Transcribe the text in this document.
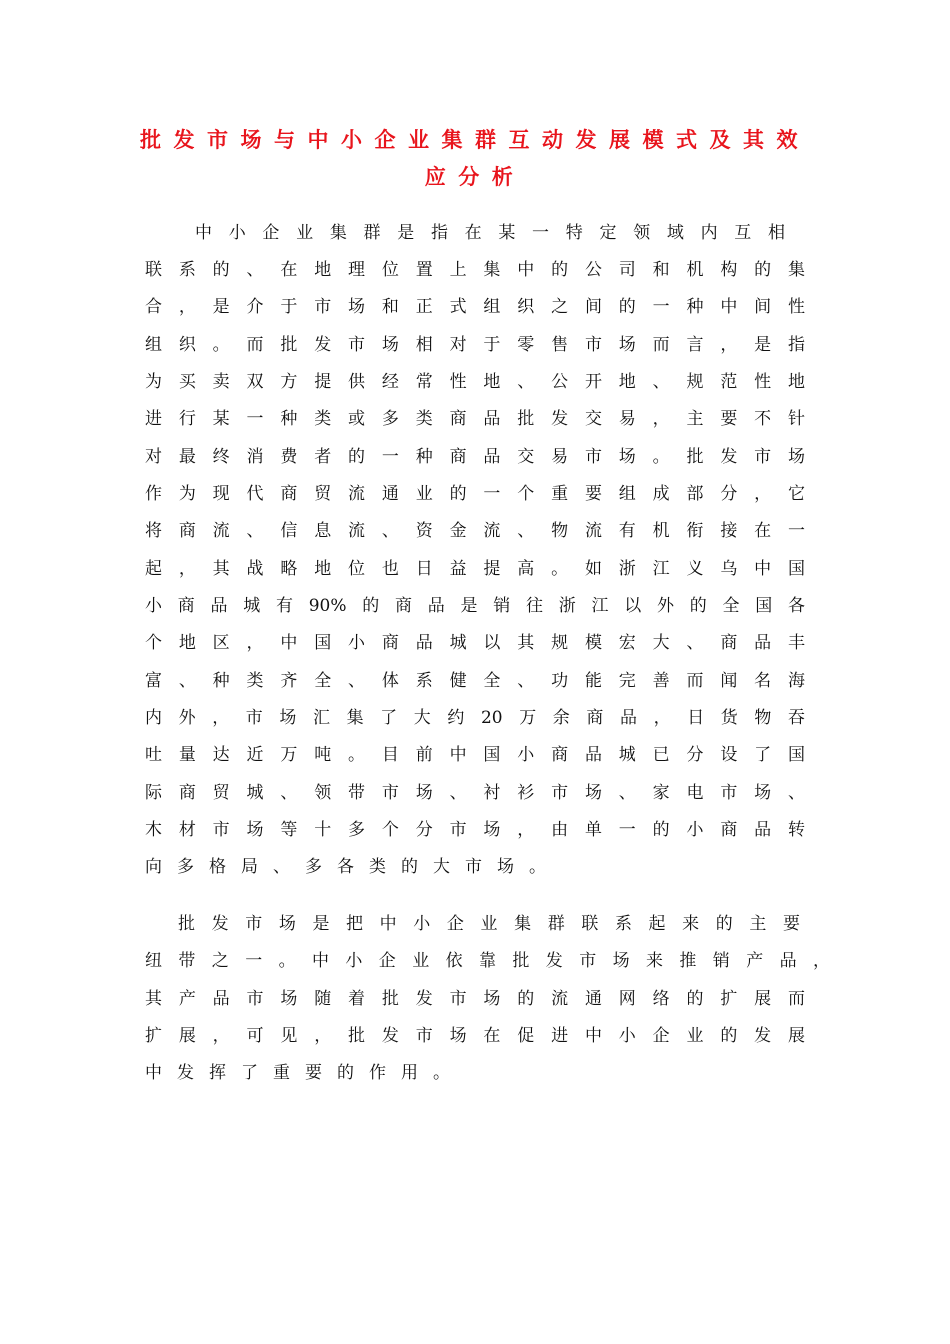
批发市场与中小企业集群互动发展模式及其效
应分析
中小企业集群是指在某一特定领域内互相
联系的、在地理位置上集中的公司和机构的集
合，是介于市场和正式组织之间的一种中间性
组织。而批发市场相对于零售市场而言，是指
为买卖双方提供经常性地、公开地、规范性地
进行某一种类或多类商品批发交易，主要不针
对最终消费者的一种商品交易市场。批发市场
作为现代商贸流通业的一个重要组成部分，它
将商流、信息流、资金流、物流有机衔接在一
起，其战略地位也日益提高。如浙江义乌中国
小商品城有90%的商品是销往浙江以外的全国各
个地区，中国小商品城以其规模宏大、商品丰
富、种类齐全、体系健全、功能完善而闻名海
内外，市场汇集了大约20万余商品，日货物吞
吐量达近万吨。目前中国小商品城已分设了国
际商贸城、领带市场、衬衫市场、家电市场、
木材市场等十多个分市场，由单一的小商品转
向多格局、多各类的大市场。
批发市场是把中小企业集群联系起来的主要
纽带之一。中小企业依靠批发市场来推销产品，
其产品市场随着批发市场的流通网络的扩展而
扩展，可见，批发市场在促进中小企业的发展
中发挥了重要的作用。
